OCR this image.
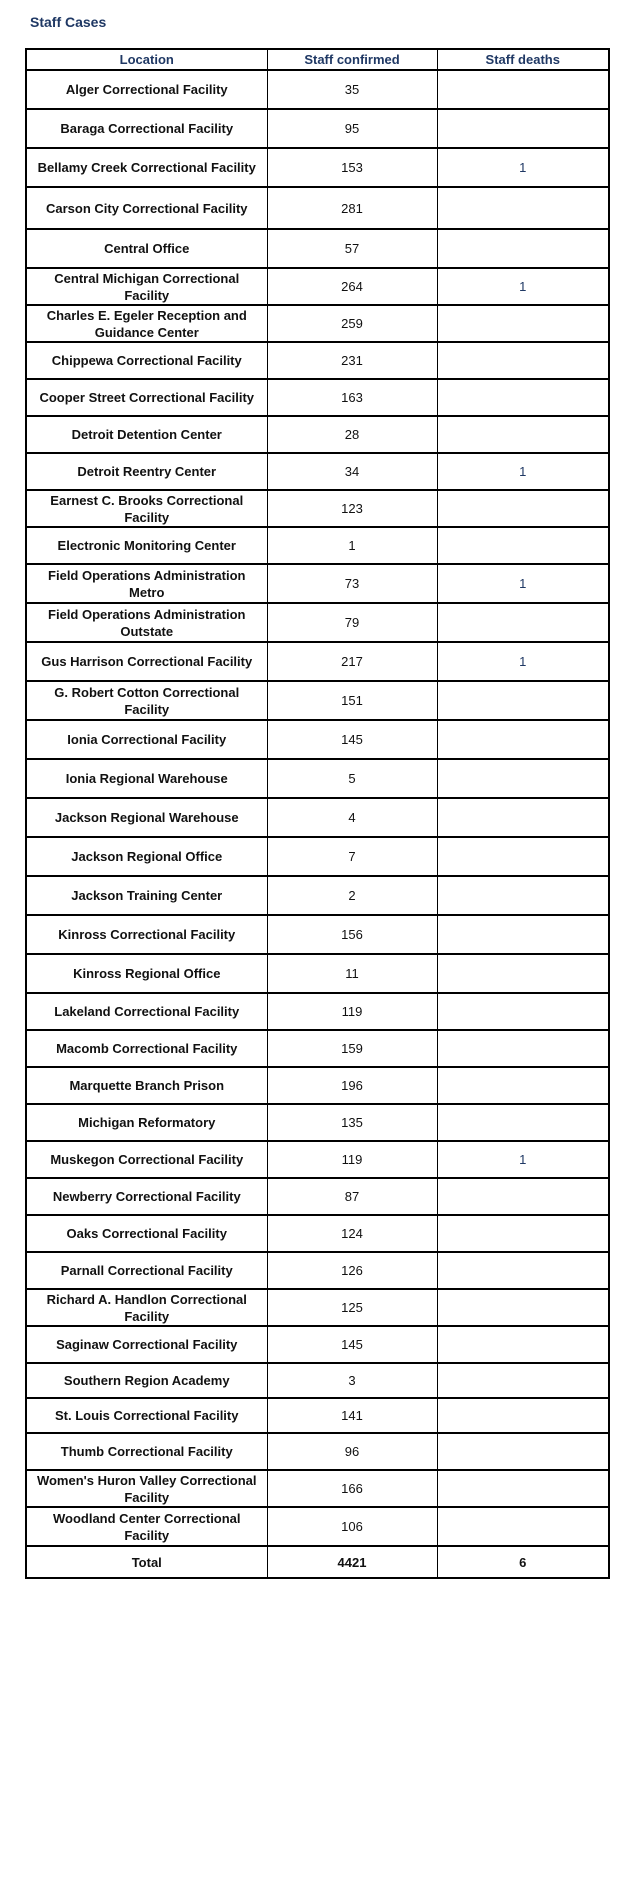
Staff Cases
Location	Staff confirmed	Staff deaths
Alger Correctional Facility	35	
Baraga Correctional Facility	95	
Bellamy Creek Correctional Facility	153	1
Carson City Correctional Facility	281	
Central Office	57	
Central Michigan Correctional Facility	264	1
Charles E. Egeler Reception and Guidance Center	259	
Chippewa Correctional Facility	231	
Cooper Street Correctional Facility	163	
Detroit Detention Center	28	
Detroit Reentry Center	34	1
Earnest C. Brooks Correctional Facility	123	
Electronic Monitoring Center	1	
Field Operations Administration Metro	73	1
Field Operations Administration Outstate	79	
Gus Harrison Correctional Facility	217	1
G. Robert Cotton Correctional Facility	151	
Ionia Correctional Facility	145	
Ionia Regional Warehouse	5	
Jackson Regional Warehouse	4	
Jackson Regional Office	7	
Jackson Training Center	2	
Kinross Correctional Facility	156	
Kinross Regional Office	11	
Lakeland Correctional Facility	119	
Macomb Correctional Facility	159	
Marquette Branch Prison	196	
Michigan Reformatory	135	
Muskegon Correctional Facility	119	1
Newberry Correctional Facility	87	
Oaks Correctional Facility	124	
Parnall Correctional Facility	126	
Richard A. Handlon Correctional Facility	125	
Saginaw Correctional Facility	145	
Southern Region Academy	3	
St. Louis Correctional Facility	141	
Thumb Correctional Facility	96	
Women's Huron Valley Correctional Facility	166	
Woodland Center Correctional Facility	106	
Total	4421	6
